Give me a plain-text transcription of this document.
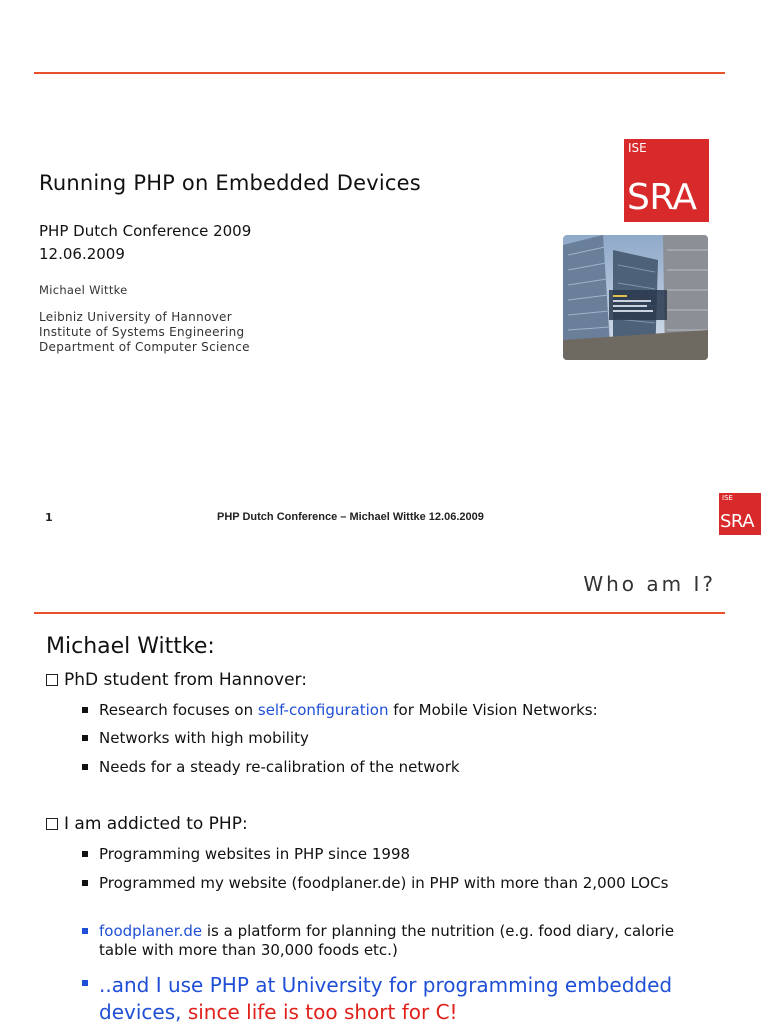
Running PHP on Embedded Devices
PHP Dutch Conference 2009
12.06.2009
Michael Wittke
Leibniz University of Hannover
Institute of Systems Engineering
Department of Computer Science
ISE
SRA
1	PHP Dutch Conference – Michael Wittke 12.06.2009
ISE
SRA
Who am I?
Michael Wittke:
PhD student from Hannover:
Research focuses on self-configuration for Mobile Vision Networks:
Networks with high mobility
Needs for a steady re-calibration of the network
I am addicted to PHP:
Programming websites in PHP since 1998
Programmed my website (foodplaner.de) in PHP with more than 2,000 LOCs
foodplaner.de is a platform for planning the nutrition (e.g. food diary, calorie table with more than 30,000 foods etc.)
..and I use PHP at University for programming embedded devices, since life is too short for C!
